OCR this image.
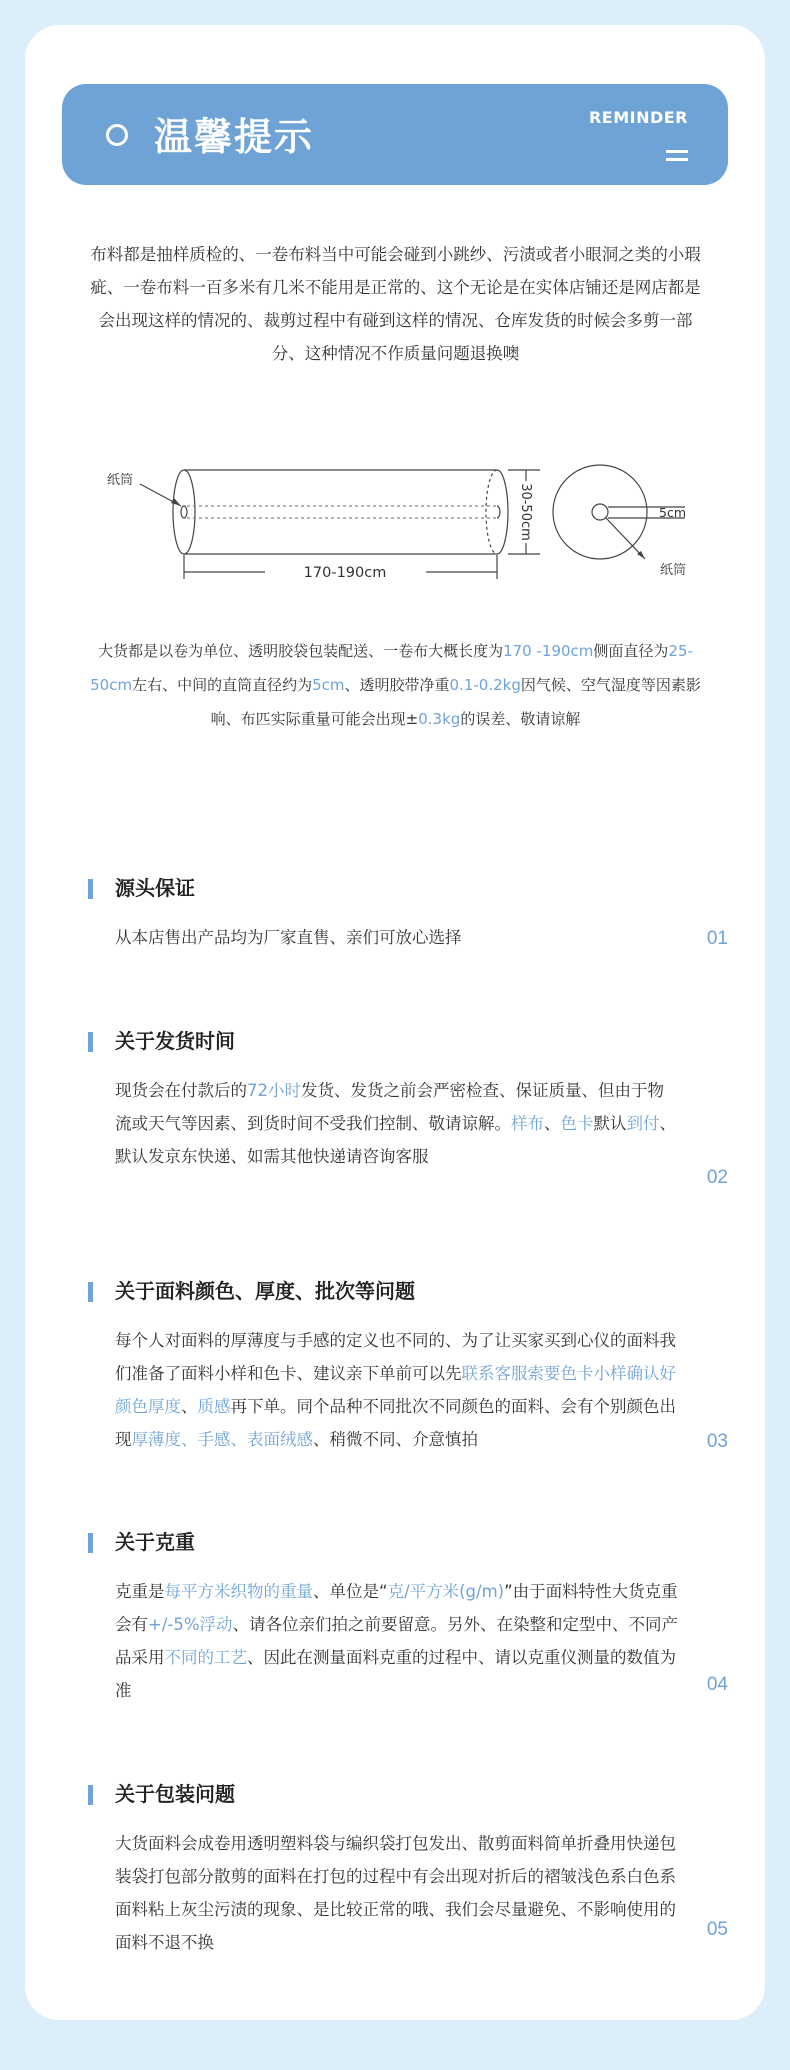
温馨提示	REMINDER
布料都是抽样质检的、一卷布料当中可能会碰到小跳纱、污渍或者小眼洞之类的小瑕疵、一卷布料一百多米有几米不能用是正常的、这个无论是在实体店铺还是网店都是会出现这样的情况的、裁剪过程中有碰到这样的情况、仓库发货的时候会多剪一部分、这种情况不作质量问题退换噢
纸筒
170-190cm
30-50cm	5cm
纸筒
大货都是以卷为单位、透明胶袋包装配送、一卷布大概长度为170 -190cm侧面直径为25-50cm左右、中间的直筒直径约为5cm、透明胶带净重0.1-0.2kg因气候、空气湿度等因素影响、布匹实际重量可能会出现±0.3kg的误差、敬请谅解
源头保证
从本店售出产品均为厂家直售、亲们可放心选择	01
关于发货时间
现货会在付款后的72小时发货、发货之前会严密检查、保证质量、但由于物流或天气等因素、到货时间不受我们控制、敬请谅解。样布、色卡默认到付、默认发京东快递、如需其他快递请咨询客服
02
关于面料颜色、厚度、批次等问题
每个人对面料的厚薄度与手感的定义也不同的、为了让买家买到心仪的面料我们准备了面料小样和色卡、建议亲下单前可以先联系客服索要色卡小样确认好颜色厚度、质感再下单。同个品种不同批次不同颜色的面料、会有个别颜色出现厚薄度、手感、表面绒感、稍微不同、介意慎拍	03
关于克重
克重是每平方米织物的重量、单位是“克/平方米(g/m)”由于面料特性大货克重会有+/-5%浮动、请各位亲们拍之前要留意。另外、在染整和定型中、不同产品采用不同的工艺、因此在测量面料克重的过程中、请以克重仪测量的数值为准	04
关于包装问题
大货面料会成卷用透明塑料袋与编织袋打包发出、散剪面料简单折叠用快递包装袋打包部分散剪的面料在打包的过程中有会出现对折后的褶皱浅色系白色系面料粘上灰尘污渍的现象、是比较正常的哦、我们会尽量避免、不影响使用的面料不退不换
05
